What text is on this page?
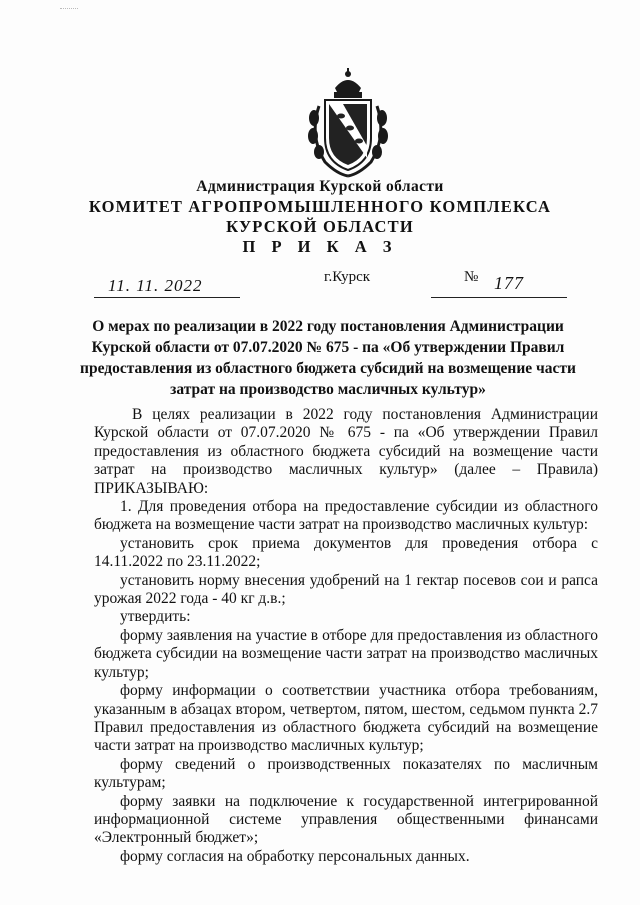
Администрация Курской области
КОМИТЕТ АГРОПРОМЫШЛЕННОГО КОМПЛЕКСА
КУРСКОЙ ОБЛАСТИ
П Р И К А З
11. 11. 2022	г.Курск	№ 177
О мерах по реализации в 2022 году постановления Администрации Курской области от 07.07.2020 № 675 - па «Об утверждении Правил предоставления из областного бюджета субсидий на возмещение части затрат на производство масличных культур»

В целях реализации в 2022 году постановления Администрации Курской области от 07.07.2020 № 675 - па «Об утверждении Правил предоставления из областного бюджета субсидий на возмещение части затрат на производство масличных культур» (далее – Правила) ПРИКАЗЫВАЮ:

1. Для проведения отбора на предоставление субсидии из областного бюджета на возмещение части затрат на производство масличных культур:

установить срок приема документов для проведения отбора с 14.11.2022 по 23.11.2022;

установить норму внесения удобрений на 1 гектар посевов сои и рапса урожая 2022 года - 40 кг д.в.;

утвердить:

форму заявления на участие в отборе для предоставления из областного бюджета субсидии на возмещение части затрат на производство масличных культур;

форму информации о соответствии участника отбора требованиям, указанным в абзацах втором, четвертом, пятом, шестом, седьмом пункта 2.7 Правил предоставления из областного бюджета субсидий на возмещение части затрат на производство масличных культур;

форму сведений о производственных показателях по масличным культурам;

форму заявки на подключение к государственной интегрированной информационной системе управления общественными финансами «Электронный бюджет»;

форму согласия на обработку персональных данных.
